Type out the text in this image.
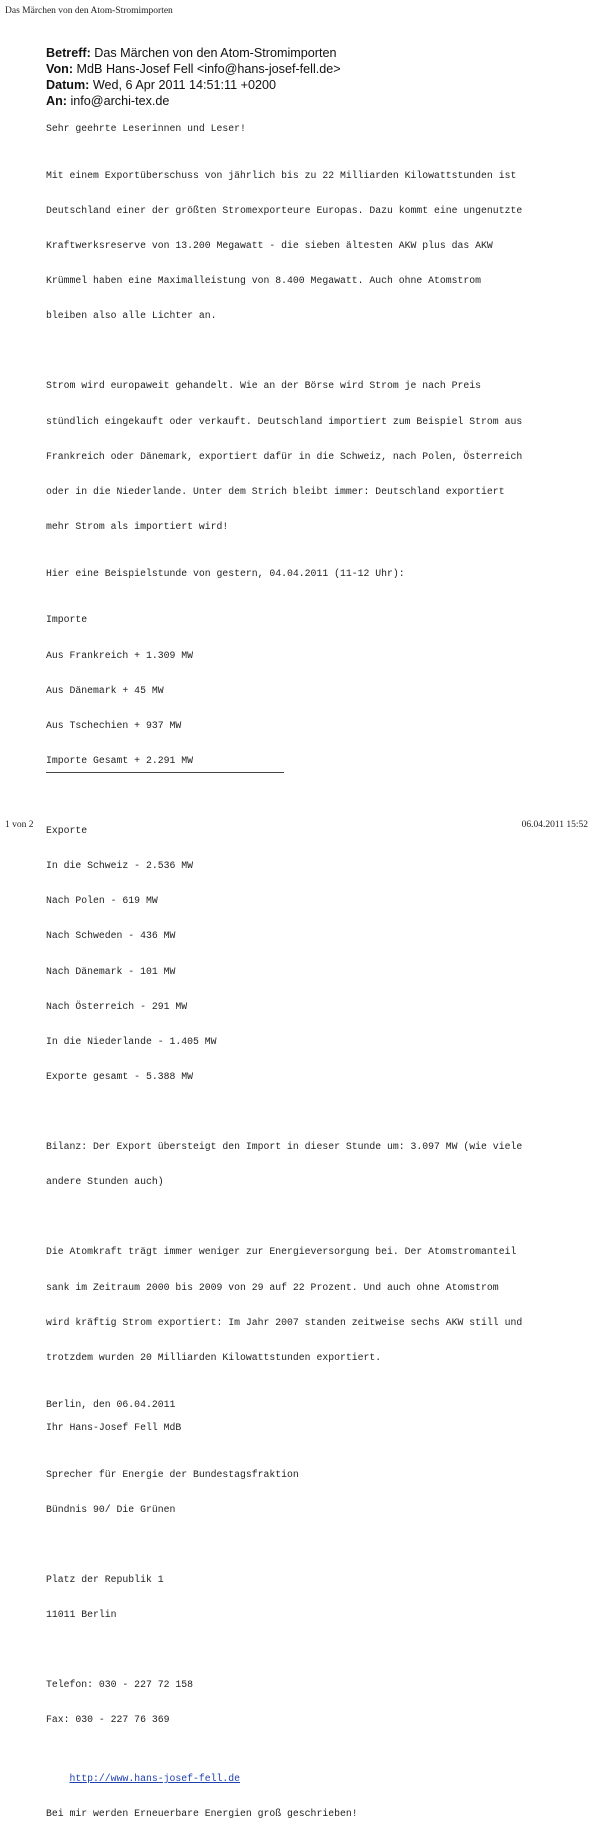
Das Märchen von den Atom-Stromimporten
Betreff: Das Märchen von den Atom-Stromimporten
Von: MdB Hans-Josef Fell <info@hans-josef-fell.de>
Datum: Wed, 6 Apr 2011 14:51:11 +0200
An: info@archi-tex.de
Sehr geehrte Leserinnen und Leser!

Mit einem Exportüberschuss von jährlich bis zu 22 Milliarden Kilowattstunden ist

Deutschland einer der größten Stromexporteure Europas. Dazu kommt eine ungenutzte

Kraftwerksreserve von 13.200 Megawatt - die sieben ältesten AKW plus das AKW

Krümmel haben eine Maximalleistung von 8.400 Megawatt. Auch ohne Atomstrom

bleiben also alle Lichter an.

Strom wird europaweit gehandelt. Wie an der Börse wird Strom je nach Preis

stündlich eingekauft oder verkauft. Deutschland importiert zum Beispiel Strom aus

Frankreich oder Dänemark, exportiert dafür in die Schweiz, nach Polen, Österreich

oder in die Niederlande. Unter dem Strich bleibt immer: Deutschland exportiert

mehr Strom als importiert wird!

Hier eine Beispielstunde von gestern, 04.04.2011 (11-12 Uhr):

Importe

Aus Frankreich + 1.309 MW

Aus Dänemark + 45 MW

Aus Tschechien + 937 MW

Importe Gesamt + 2.291 MW

Exporte

In die Schweiz - 2.536 MW

Nach Polen - 619 MW

Nach Schweden - 436 MW

Nach Dänemark - 101 MW

Nach Österreich - 291 MW

In die Niederlande - 1.405 MW

Exporte gesamt - 5.388 MW

Bilanz: Der Export übersteigt den Import in dieser Stunde um: 3.097 MW (wie viele

andere Stunden auch)

Die Atomkraft trägt immer weniger zur Energieversorgung bei. Der Atomstromanteil

sank im Zeitraum 2000 bis 2009 von 29 auf 22 Prozent. Und auch ohne Atomstrom

wird kräftig Strom exportiert: Im Jahr 2007 standen zeitweise sechs AKW still und

trotzdem wurden 20 Milliarden Kilowattstunden exportiert.

Berlin, den 06.04.2011
Ihr Hans-Josef Fell MdB

Sprecher für Energie der Bundestagsfraktion

Bündnis 90/ Die Grünen

Platz der Republik 1

11011 Berlin

Telefon: 030 - 227 72 158

Fax: 030 - 227 76 369

http://www.hans-josef-fell.de

Bei mir werden Erneuerbare Energien groß geschrieben!
1 von 2	06.04.2011 15:52
